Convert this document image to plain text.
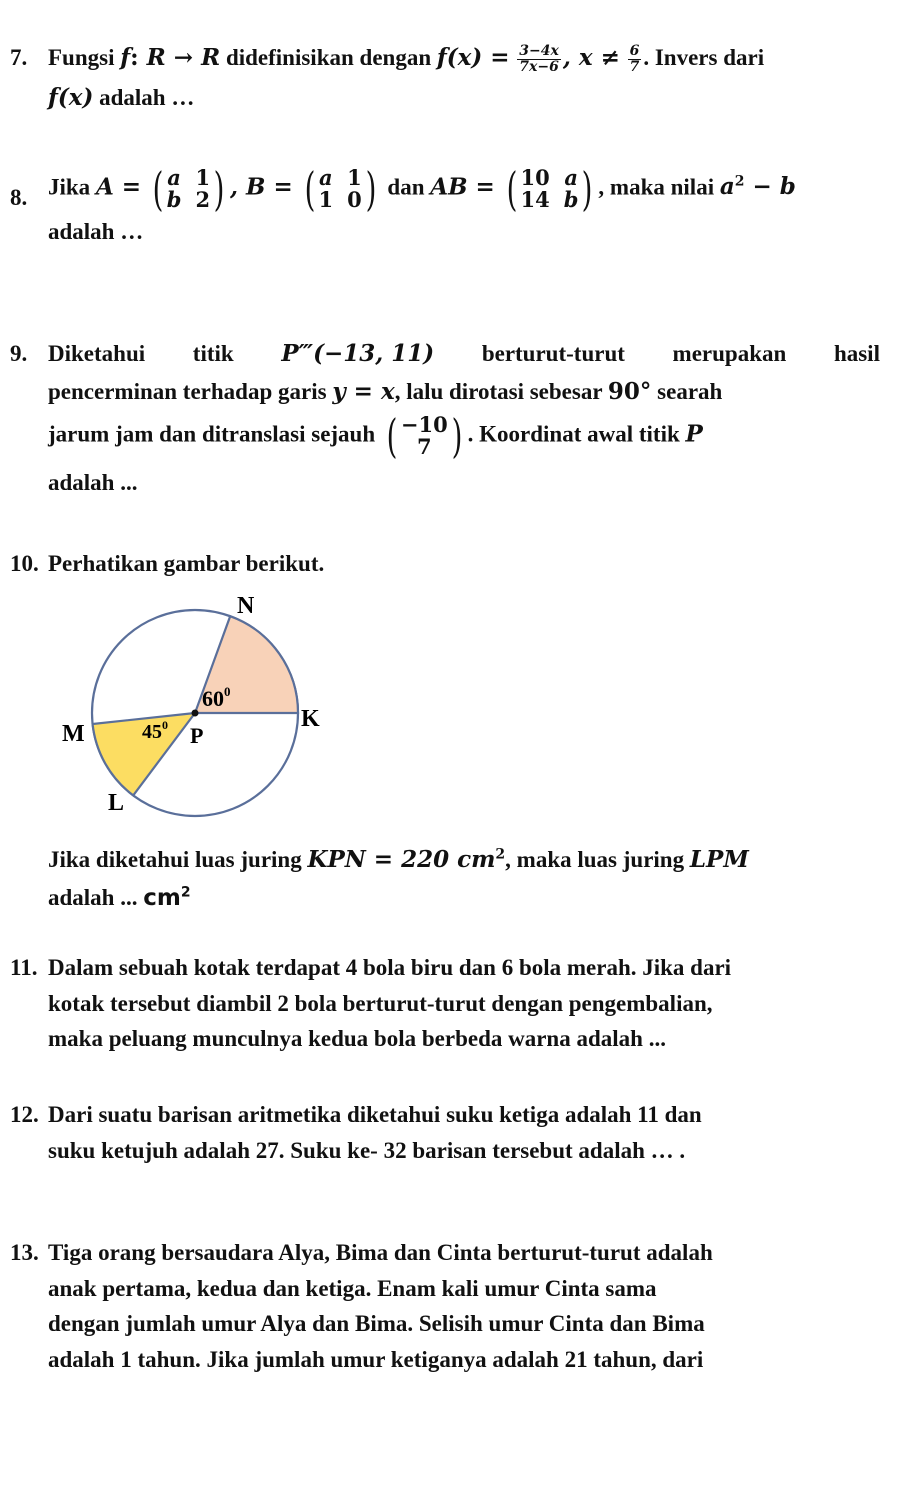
7. Fungsi f: R → R didefinisikan dengan $f(x) = \frac{3-4x}{7x-6}$ , $x \ne \frac{6}{7}$ . Invers dari
f(x) adalah …
8. Jika A = ( a 1
b 2 ) , B = ( a 1
1 0 ) dan AB = ( 10 a
14 b ) , maka nilai $a^2 - b$
adalah …
9. Diketahui titik P‴(−13, 11) berturut-turut merupakan hasil
pencerminan terhadap garis y = x, lalu dirotasi sebesar 90° searah
jarum jam dan ditranslasi sejauh ( −10
7 ) . Koordinat awal titik P
adalah ...
10. Perhatikan gambar berikut.
N
K
M
L
P
$60^0$
$45^0$
Jika diketahui luas juring KPN = 220 $cm^2$, maka luas juring LPM
adalah ... $cm^2$
11. Dalam sebuah kotak terdapat 4 bola biru dan 6 bola merah. Jika dari
kotak tersebut diambil 2 bola berturut-turut dengan pengembalian,
maka peluang munculnya kedua bola berbeda warna adalah ...
12. Dari suatu barisan aritmetika diketahui suku ketiga adalah 11 dan
suku ketujuh adalah 27. Suku ke- 32 barisan tersebut adalah … .
13. Tiga orang bersaudara Alya, Bima dan Cinta berturut-turut adalah
anak pertama, kedua dan ketiga. Enam kali umur Cinta sama
dengan jumlah umur Alya dan Bima. Selisih umur Cinta dan Bima
adalah 1 tahun. Jika jumlah umur ketiganya adalah 21 tahun, dari
